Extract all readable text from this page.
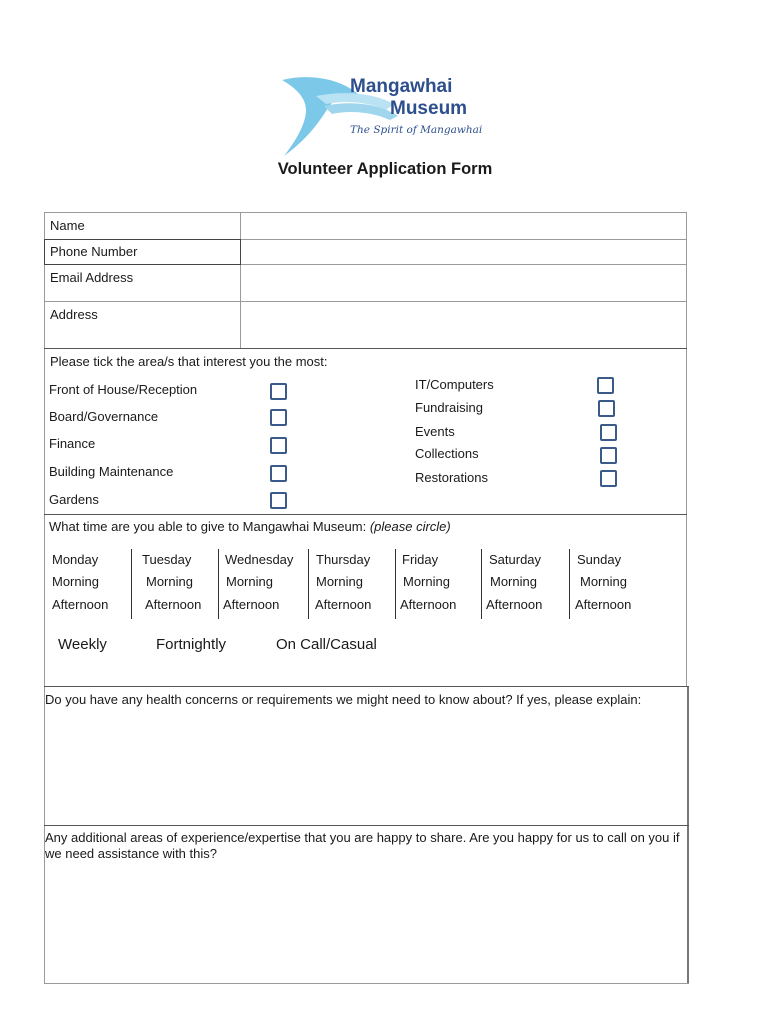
Mangawhai
Museum
The Spirit of Mangawhai
Volunteer Application Form
Name
Phone Number
Email Address
Address
Please tick the area/s that interest you the most:
Front of House/Reception
Board/Governance
Finance
Building Maintenance
Gardens
IT/Computers
Fundraising
Events
Collections
Restorations
What time are you able to give to Mangawhai Museum: (please circle)
Monday
Morning
Afternoon
Tuesday
Morning
Afternoon
Wednesday
Morning
Afternoon
Thursday
Morning
Afternoon
Friday
Morning
Afternoon
Saturday
Morning
Afternoon
Sunday
Morning
Afternoon
Weekly	Fortnightly	On Call/Casual
Do you have any health concerns or requirements we might need to know about? If yes, please explain:
Any additional areas of experience/expertise that you are happy to share. Are you happy for us to call on you if we need assistance with this?
